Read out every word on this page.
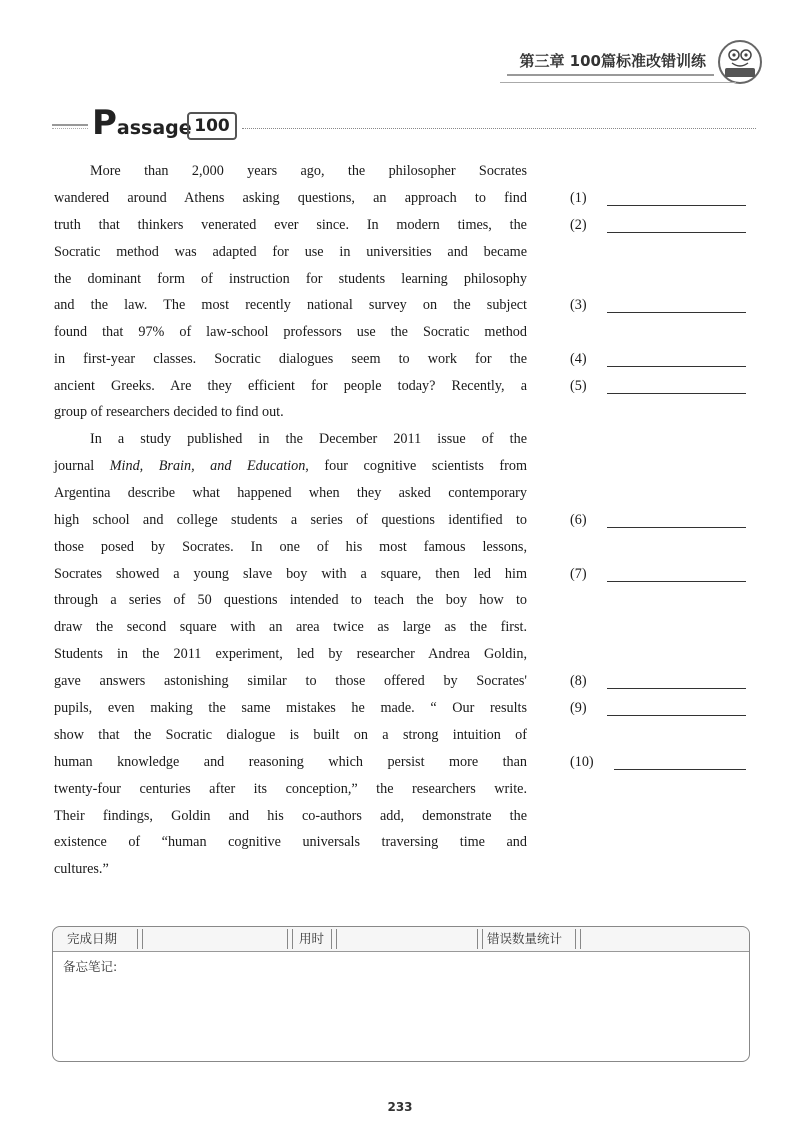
第三章 100篇标准改错训练
Passage 100
More than 2,000 years ago, the philosopher Socrates
wandered around Athens asking questions, an approach to find
truth that thinkers venerated ever since. In modern times, the
Socratic method was adapted for use in universities and became
the dominant form of instruction for students learning philosophy
and the law. The most recently national survey on the subject
found that 97% of law-school professors use the Socratic method
in first-year classes. Socratic dialogues seem to work for the
ancient Greeks. Are they efficient for people today? Recently, a
group of researchers decided to find out.
In a study published in the December 2011 issue of the
journal Mind, Brain, and Education, four cognitive scientists from
Argentina describe what happened when they asked contemporary
high school and college students a series of questions identified to
those posed by Socrates. In one of his most famous lessons,
Socrates showed a young slave boy with a square, then led him
through a series of 50 questions intended to teach the boy how to
draw the second square with an area twice as large as the first.
Students in the 2011 experiment, led by researcher Andrea Goldin,
gave answers astonishing similar to those offered by Socrates'
pupils, even making the same mistakes he made. “ Our results
show that the Socratic dialogue is built on a strong intuition of
human knowledge and reasoning which persist more than
twenty-four centuries after its conception,” the researchers write.
Their findings, Goldin and his co-authors add, demonstrate the
existence of “human cognitive universals traversing time and
cultures.”
(1)
(2)
(3)
(4)
(5)
(6)
(7)
(8)
(9)
(10)
完成日期	用时	错误数量统计
备忘笔记:
233
